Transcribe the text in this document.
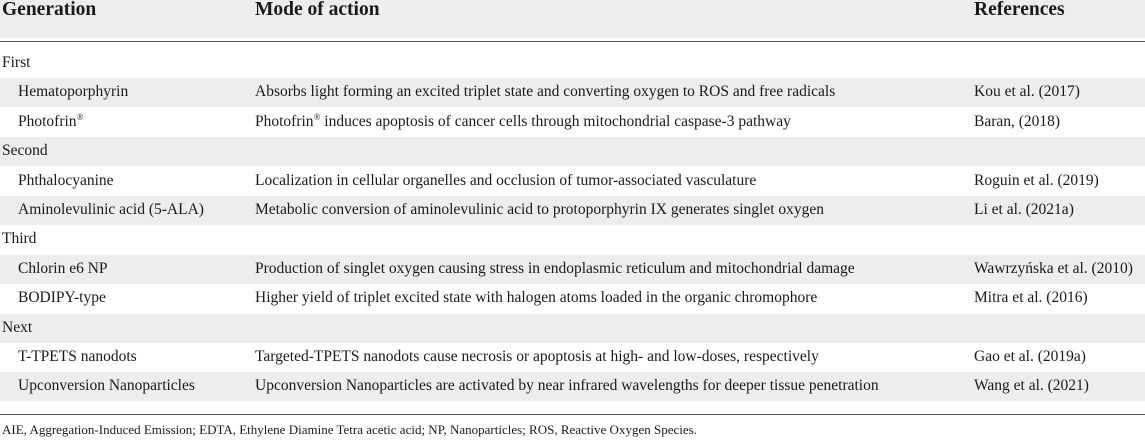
Generation	Mode of action	References
First
Hematoporphyrin	Absorbs light forming an excited triplet state and converting oxygen to ROS and free radicals	Kou et al. (2017)
Photofrin®	Photofrin® induces apoptosis of cancer cells through mitochondrial caspase-3 pathway	Baran, (2018)
Second
Phthalocyanine	Localization in cellular organelles and occlusion of tumor-associated vasculature	Roguin et al. (2019)
Aminolevulinic acid (5-ALA)	Metabolic conversion of aminolevulinic acid to protoporphyrin IX generates singlet oxygen	Li et al. (2021a)
Third
Chlorin e6 NP	Production of singlet oxygen causing stress in endoplasmic reticulum and mitochondrial damage	Wawrzyńska et al. (2010)
BODIPY-type	Higher yield of triplet excited state with halogen atoms loaded in the organic chromophore	Mitra et al. (2016)
Next
T-TPETS nanodots	Targeted-TPETS nanodots cause necrosis or apoptosis at high- and low-doses, respectively	Gao et al. (2019a)
Upconversion Nanoparticles	Upconversion Nanoparticles are activated by near infrared wavelengths for deeper tissue penetration	Wang et al. (2021)
AIE, Aggregation-Induced Emission; EDTA, Ethylene Diamine Tetra acetic acid; NP, Nanoparticles; ROS, Reactive Oxygen Species.
